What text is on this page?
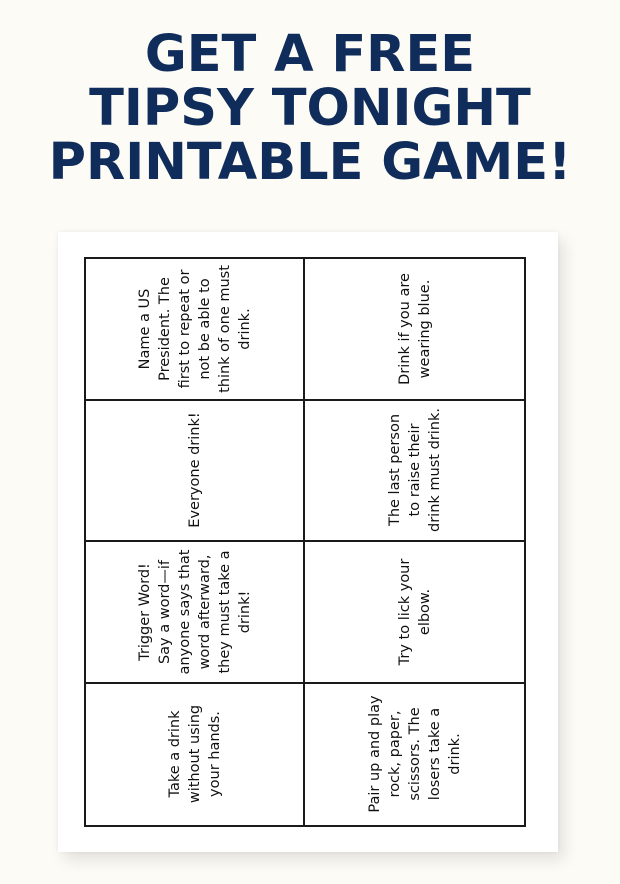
GET A FREE
TIPSY TONIGHT
PRINTABLE GAME!
Name a US President. The first to repeat or not be able to think of one must drink.	Drink if you are wearing blue.
Everyone drink!	The last person to raise their drink must drink.
Trigger Word! Say a word—if anyone says that word afterward, they must take a drink!	Try to lick your elbow.
Take a drink without using your hands.	Pair up and play rock, paper, scissors. The losers take a drink.
